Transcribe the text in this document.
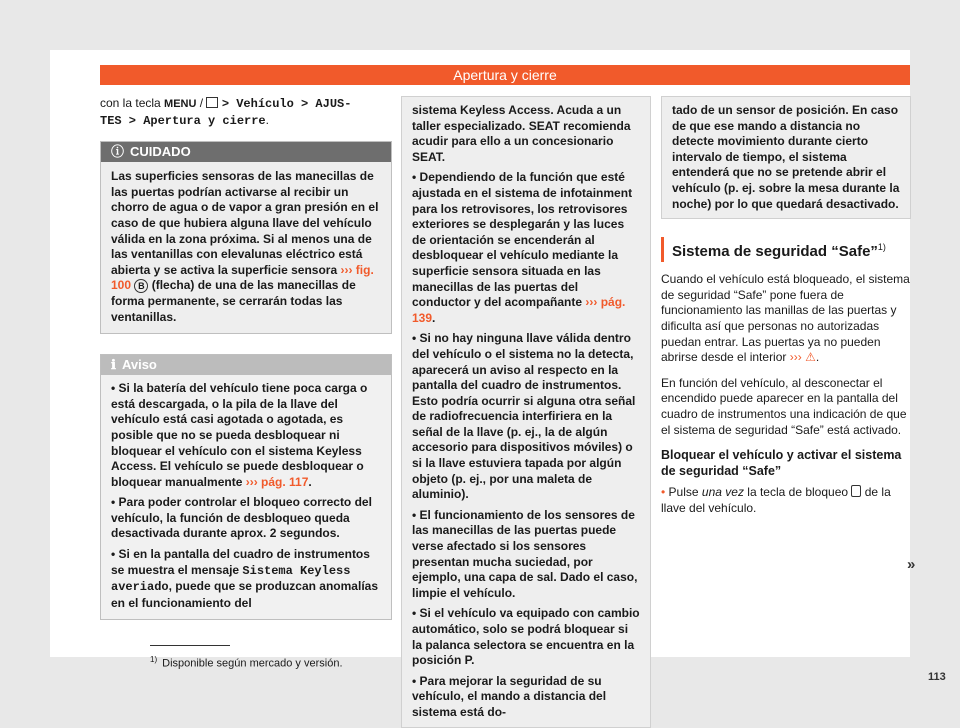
Apertura y cierre

con la tecla MENU / > Vehículo > AJUS-
TES > Apertura y cierre.

ⓘ CUIDADO
Las superficies sensoras de las manecillas de las puertas podrían activarse al recibir un chorro de agua o de vapor a gran presión en el caso de que hubiera alguna llave del vehículo válida en la zona próxima. Si al menos una de las ventanillas con elevalunas eléctrico está abierta y se activa la superficie sensora ››› fig. 100 B (flecha) de una de las manecillas de forma permanente, se cerrarán todas las ventanillas.
ℹ Aviso

• Si la batería del vehículo tiene poca carga o está descargada, o la pila de la llave del vehículo está casi agotada o agotada, es posible que no se pueda desbloquear ni bloquear el vehículo con el sistema Keyless Access. El vehículo se puede desbloquear o bloquear manualmente ››› pág. 117.

• Para poder controlar el bloqueo correcto del vehículo, la función de desbloqueo queda desactivada durante aprox. 2 segundos.

• Si en la pantalla del cuadro de instrumentos se muestra el mensaje Sistema Keyless averiado, puede que se produzcan anomalías en el funcionamiento del

sistema Keyless Access. Acuda a un taller especializado. SEAT recomienda acudir para ello a un concesionario SEAT.

• Dependiendo de la función que esté ajustada en el sistema de infotainment para los retrovisores, los retrovisores exteriores se desplegarán y las luces de orientación se encenderán al desbloquear el vehículo mediante la superficie sensora situada en las manecillas de las puertas del conductor y del acompañante ››› pág. 139.

• Si no hay ninguna llave válida dentro del vehículo o el sistema no la detecta, aparecerá un aviso al respecto en la pantalla del cuadro de instrumentos. Esto podría ocurrir si alguna otra señal de radiofrecuencia interfiriera en la señal de la llave (p. ej., la de algún accesorio para dispositivos móviles) o si la llave estuviera tapada por algún objeto (p. ej., por una maleta de aluminio).

• El funcionamiento de los sensores de las manecillas de las puertas puede verse afectado si los sensores presentan mucha suciedad, por ejemplo, una capa de sal. Dado el caso, limpie el vehículo.

• Si el vehículo va equipado con cambio automático, solo se podrá bloquear si la palanca selectora se encuentra en la posición P.

• Para mejorar la seguridad de su vehículo, el mando a distancia del sistema está do-

tado de un sensor de posición. En caso de que ese mando a distancia no detecte movimiento durante cierto intervalo de tiempo, el sistema entenderá que no se pretende abrir el vehículo (p. ej. sobre la mesa durante la noche) por lo que quedará desactivado.

Sistema de seguridad “Safe”$^{1)}$

Cuando el vehículo está bloqueado, el sistema de seguridad “Safe” pone fuera de funcionamiento las manillas de las puertas y dificulta así que personas no autorizadas puedan entrar. Las puertas ya no pueden abrirse desde el interior ››› ⚠.

En función del vehículo, al desconectar el encendido puede aparecer en la pantalla del cuadro de instrumentos una indicación de que el sistema de seguridad “Safe” está activado.

Bloquear el vehículo y activar el sistema de seguridad “Safe”

• Pulse una vez la tecla de bloqueo de la llave del vehículo.

»
$^{1)}$ Disponible según mercado y versión.
113
